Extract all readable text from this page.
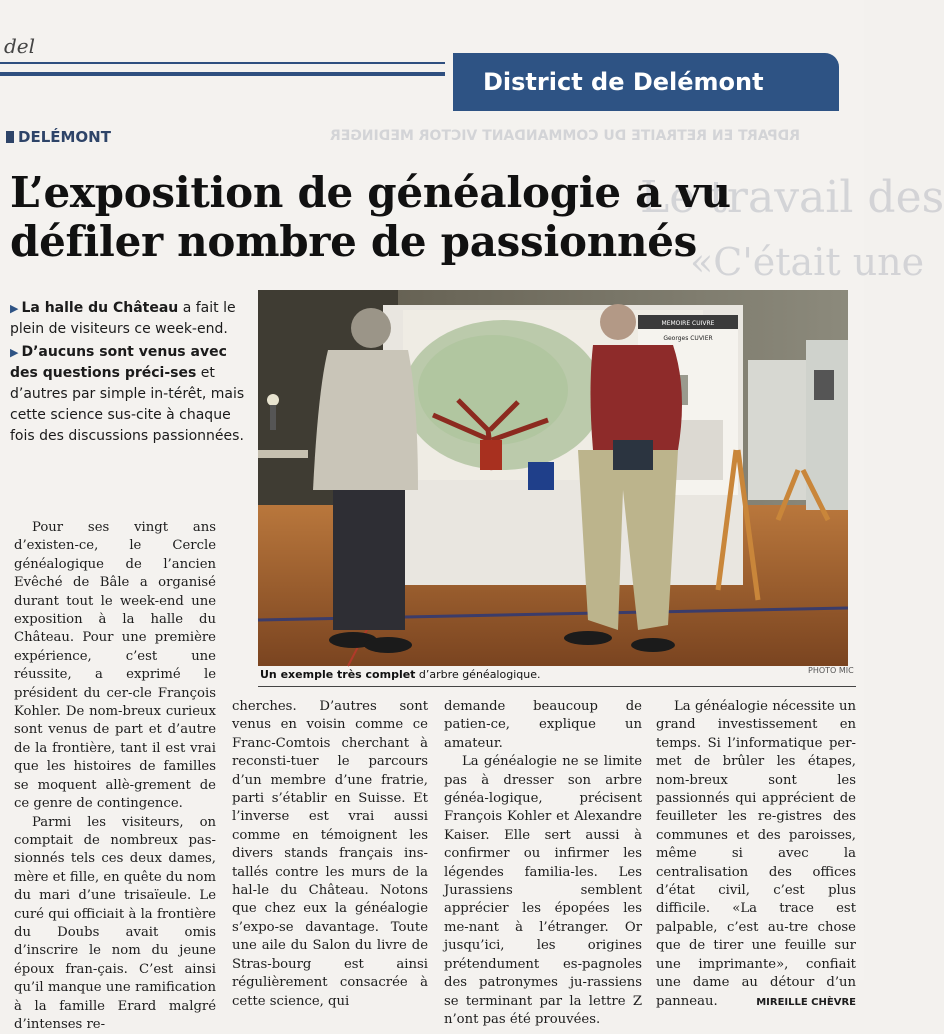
del
District de Delémont
RDPART EN RETRAITE DU COMMANDANT VICTOR MEDINGER
Le travail des
«C'était une
DELÉMONT
L’exposition de généalogie a vu
défiler nombre de passionnés

▶ La halle du Château a fait le plein de visiteurs ce week-end.

▶ D’aucuns sont venus avec des questions préci-ses et d’autres par simple in-térêt, mais cette science sus-cite à chaque fois des discussions passionnées.

MEMOIRE CUIVRE
Georges CUVIER
Un exemple très complet d’arbre généalogique.	PHOTO MIC

Pour ses vingt ans d’existen-ce, le Cercle généalogique de l’ancien Evêché de Bâle a organisé durant tout le week-end une exposition à la halle du Château. Pour une première expérience, c’est une réussite, a exprimé le président du cer-cle François Kohler. De nom-breux curieux sont venus de part et d’autre de la frontière, tant il est vrai que les histoires de familles se moquent allè-grement de ce genre de contingence.

Parmi les visiteurs, on comptait de nombreux pas-sionnés tels ces deux dames, mère et fille, en quête du nom du mari d’une trisaïeule. Le curé qui officiait à la frontière du Doubs avait omis d’inscrire le nom du jeune époux fran-çais. C’est ainsi qu’il manque une ramification à la famille Erard malgré d’intenses re-

cherches. D’autres sont venus en voisin comme ce Franc-Comtois cherchant à reconsti-tuer le parcours d’un membre d’une fratrie, parti s’établir en Suisse. Et l’inverse est vrai aussi comme en témoignent les divers stands français ins-tallés contre les murs de la hal-le du Château. Notons que chez eux la généalogie s’expo-se davantage. Toute une aile du Salon du livre de Stras-bourg est ainsi régulièrement consacrée à cette science, qui

demande beaucoup de patien-ce, explique un amateur.

La généalogie ne se limite pas à dresser son arbre généa-logique, précisent François Kohler et Alexandre Kaiser. Elle sert aussi à confirmer ou infirmer les légendes familia-les. Les Jurassiens semblent apprécier les épopées les me-nant à l’étranger. Or jusqu’ici, les origines prétendument es-pagnoles des patronymes ju-rassiens se terminant par la lettre Z n’ont pas été prouvées.

La généalogie nécessite un grand investissement en temps. Si l’informatique per-met de brûler les étapes, nom-breux sont les passionnés qui apprécient de feuilleter les re-gistres des communes et des paroisses, même si avec la centralisation des offices d’état civil, c’est plus difficile. «La trace est palpable, c’est au-tre chose que de tirer une feuille sur une imprimante», confiait une dame au détour d’un panneau.	MIREILLE CHÈVRE
